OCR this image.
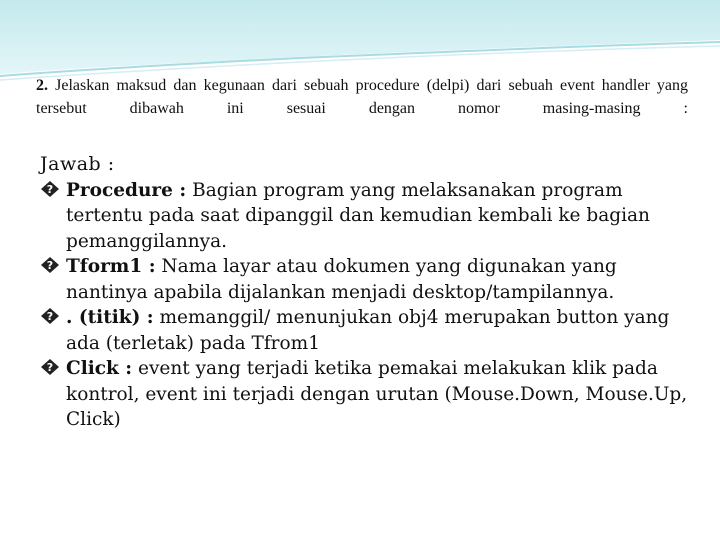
2. Jelaskan maksud dan kegunaan dari sebuah procedure (delpi) dari sebuah event handler yang tersebut dibawah ini sesuai dengan nomor masing-masing :

Jawab :

? Procedure : Bagian program yang melaksanakan program tertentu pada saat dipanggil dan kemudian kembali ke bagian pemanggilannya.
? Tform1 : Nama layar atau dokumen yang digunakan yang nantinya apabila dijalankan menjadi desktop/tampilannya.
? . (titik) : memanggil/ menunjukan obj4 merupakan button yang ada (terletak) pada Tfrom1
? Click : event yang terjadi ketika pemakai melakukan klik pada kontrol, event ini terjadi dengan urutan (Mouse.Down, Mouse.Up, Click)
